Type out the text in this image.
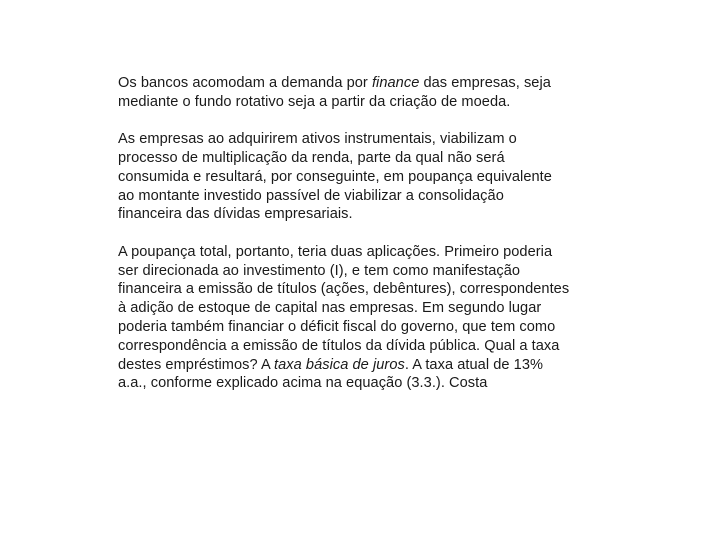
Os bancos acomodam a demanda por finance das empresas, seja
mediante o fundo rotativo seja a partir da criação de moeda.

As empresas ao adquirirem ativos instrumentais, viabilizam o
processo de multiplicação da renda, parte da qual não será
consumida e resultará, por conseguinte, em poupança equivalente
ao montante investido passível de viabilizar a consolidação
financeira das dívidas empresariais.

A poupança total, portanto, teria duas aplicações. Primeiro poderia
ser direcionada ao investimento (I), e tem como manifestação
financeira a emissão de títulos (ações, debêntures), correspondentes
à adição de estoque de capital nas empresas. Em segundo lugar
poderia também financiar o déficit fiscal do governo, que tem como
correspondência a emissão de títulos da dívida pública. Qual a taxa
destes empréstimos? A taxa básica de juros. A taxa atual de 13%
a.a., conforme explicado acima na equação (3.3.). Costa
